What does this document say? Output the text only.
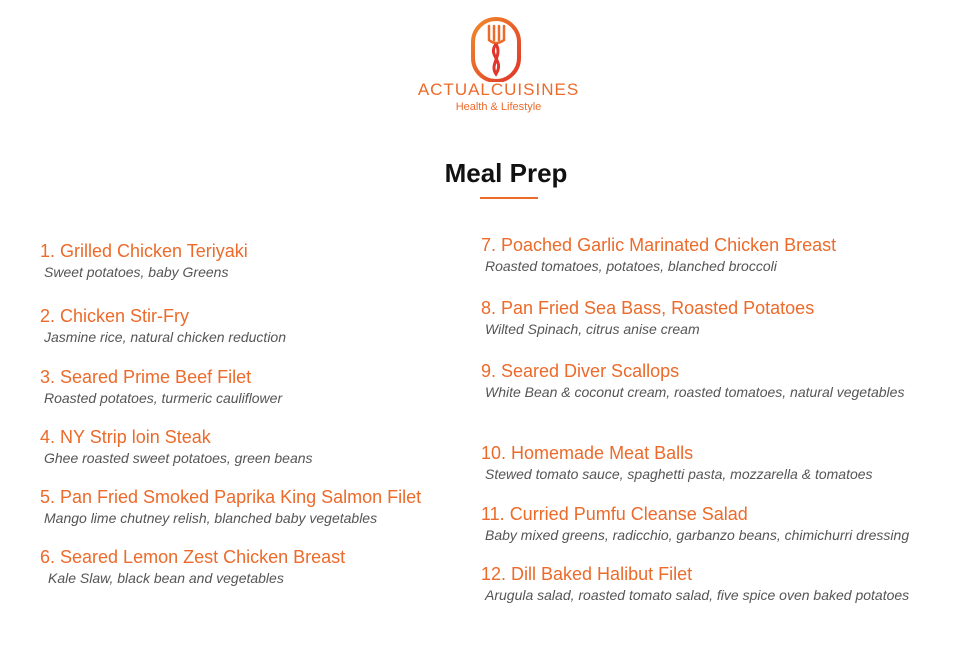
ACTUALCUISINES
Health & Lifestyle
Meal Prep
1. Grilled Chicken Teriyaki
Sweet potatoes, baby Greens
2. Chicken Stir-Fry
Jasmine rice, natural chicken reduction
3. Seared Prime Beef Filet
Roasted potatoes, turmeric cauliflower
4. NY Strip loin Steak
Ghee roasted sweet potatoes, green beans
5. Pan Fried Smoked Paprika King Salmon Filet
Mango lime chutney relish, blanched baby vegetables
6. Seared Lemon Zest Chicken Breast
Kale Slaw, black bean and vegetables
7. Poached Garlic Marinated Chicken Breast
Roasted tomatoes, potatoes, blanched broccoli
8. Pan Fried Sea Bass, Roasted Potatoes
Wilted Spinach, citrus anise cream
9. Seared Diver Scallops
White Bean & coconut cream, roasted tomatoes, natural vegetables
10. Homemade Meat Balls
Stewed tomato sauce, spaghetti pasta, mozzarella & tomatoes
11. Curried Pumfu Cleanse Salad
Baby mixed greens, radicchio, garbanzo beans, chimichurri dressing
12. Dill Baked Halibut Filet
Arugula salad, roasted tomato salad, five spice oven baked potatoes
